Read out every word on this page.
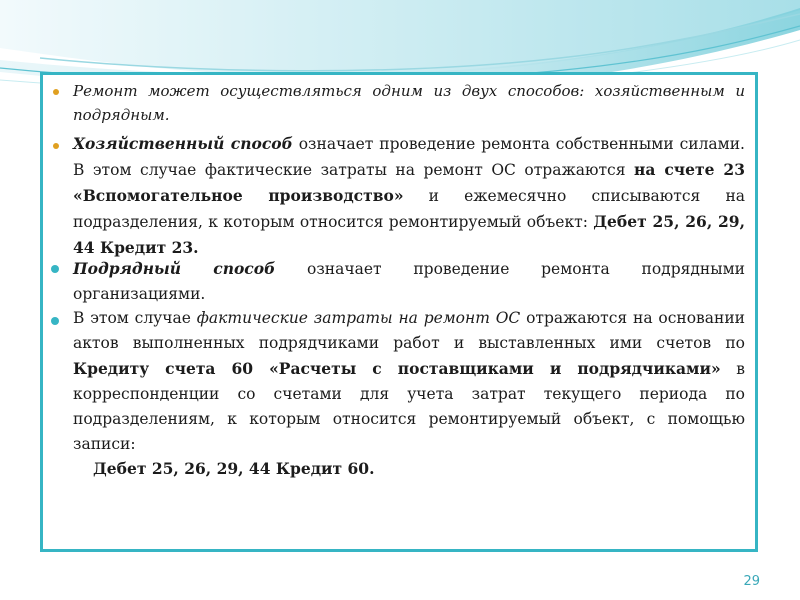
Ремонт может осуществляться одним из двух способов: хозяйственным и подрядным.

Хозяйственный способ означает проведение ремонта собственными силами. В этом случае фактические затраты на ремонт ОС отражаются на счете 23 «Вспомогательное производство» и ежемесячно списываются на подразделения, к которым относится ремонтируемый объект: Дебет 25, 26, 29, 44 Кредит 23.

Подрядный способ означает проведение ремонта подрядными организациями.

В этом случае фактические затраты на ремонт ОС отражаются на основании актов выполненных подрядчиками работ и выставленных ими счетов по Кредиту счета 60 «Расчеты с поставщиками и подрядчиками» в корреспонденции со счетами для учета затрат текущего периода по подразделениям, к которым относится ремонтируемый объект, с помощью записи:

Дебет 25, 26, 29, 44 Кредит 60.
29
